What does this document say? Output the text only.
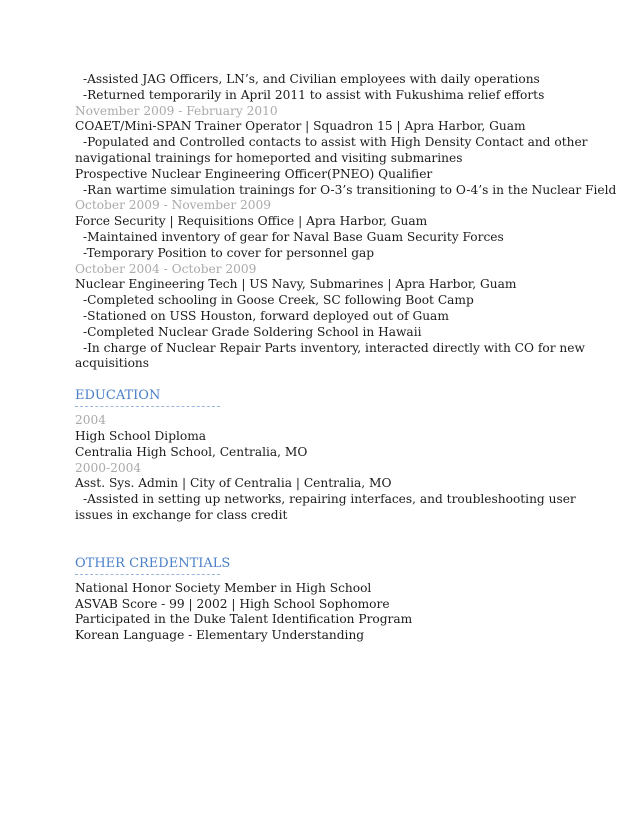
-Assisted JAG Officers, LN’s, and Civilian employees with daily operations
-Returned temporarily in April 2011 to assist with Fukushima relief efforts
November 2009 - February 2010
COAET/Mini-SPAN Trainer Operator | Squadron 15 | Apra Harbor, Guam
-Populated and Controlled contacts to assist with High Density Contact and other navigational trainings for homeported and visiting submarines
Prospective Nuclear Engineering Officer(PNEO) Qualifier
-Ran wartime simulation trainings for O-3’s transitioning to O-4’s in the Nuclear Field
October 2009 - November 2009
Force Security | Requisitions Office | Apra Harbor, Guam
-Maintained inventory of gear for Naval Base Guam Security Forces
-Temporary Position to cover for personnel gap
October 2004 - October 2009
Nuclear Engineering Tech | US Navy, Submarines | Apra Harbor, Guam
-Completed schooling in Goose Creek, SC following Boot Camp
-Stationed on USS Houston, forward deployed out of Guam
-Completed Nuclear Grade Soldering School in Hawaii
-In charge of Nuclear Repair Parts inventory, interacted directly with CO for new acquisitions
EDUCATION
2004
High School Diploma
Centralia High School, Centralia, MO
2000-2004
Asst. Sys. Admin | City of Centralia | Centralia, MO
-Assisted in setting up networks, repairing interfaces, and troubleshooting user issues in exchange for class credit
OTHER CREDENTIALS
National Honor Society Member in High School
ASVAB Score - 99 | 2002 | High School Sophomore
Participated in the Duke Talent Identification Program
Korean Language - Elementary Understanding
